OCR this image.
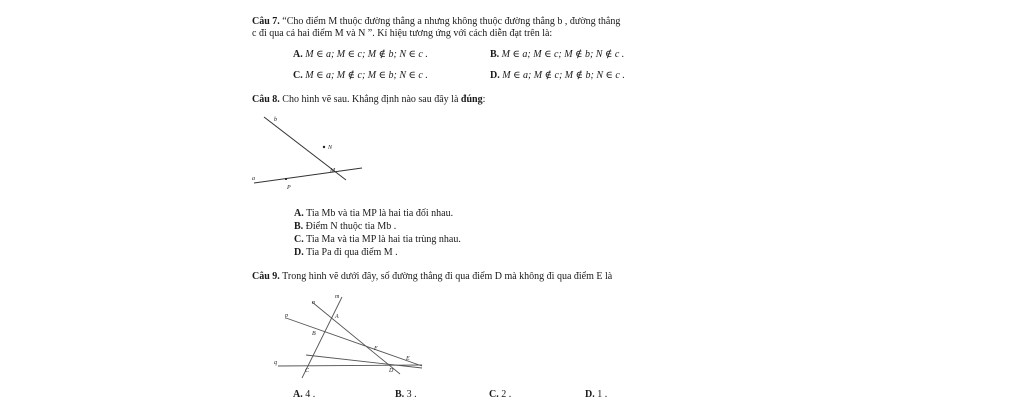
Câu 7. “Cho điểm M thuộc đường thẳng a nhưng không thuộc đường thẳng b , đường thẳng
c đi qua cả hai điểm M và N ”. Kí hiệu tương ứng với cách diễn đạt trên là:
A. M ∈ a; M ∈ c; M ∉ b; N ∈ c .	B. M ∈ a; M ∈ c; M ∉ b; N ∉ c .
C. M ∈ a; M ∉ c; M ∈ b; N ∈ c .	D. M ∈ a; M ∉ c; M ∉ b; N ∈ c .
Câu 8. Cho hình vẽ sau. Khẳng định nào sau đây là đúng:
b
N
M
a
P
A. Tia Mb và tia MP là hai tia đối nhau.
B. Điểm N thuộc tia Mb .
C. Tia Ma và tia MP là hai tia trùng nhau.
D. Tia Pa đi qua điểm M .
Câu 9. Trong hình vẽ dưới đây, số đường thẳng đi qua điểm D mà không đi qua điểm E là
m
n
p	A
B
F
E
q
C	D
A. 4 .	B. 3 .	C. 2 .	D. 1 .
